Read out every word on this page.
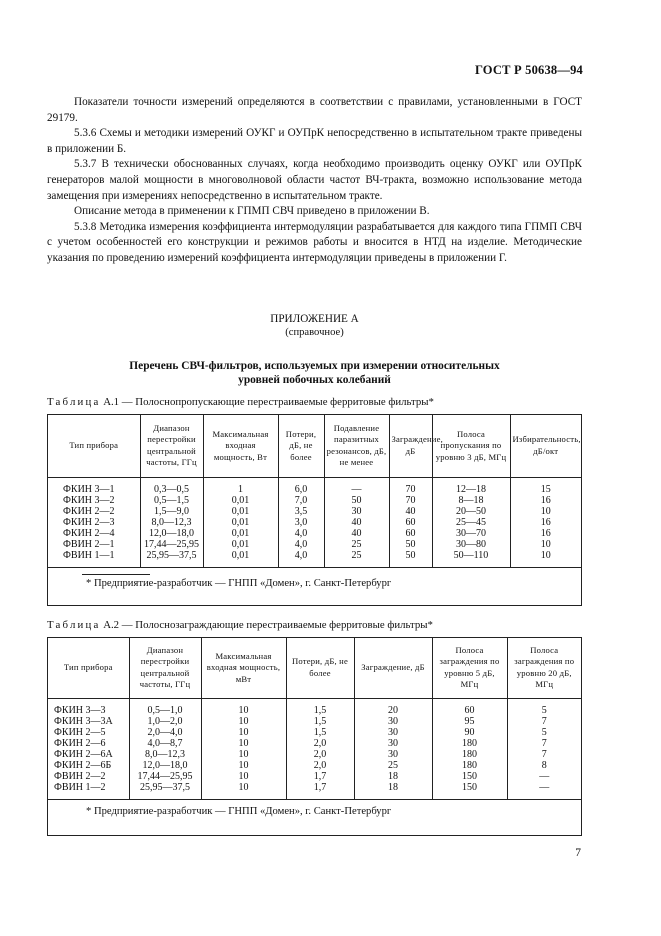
ГОСТ Р 50638—94

Показатели точности измерений определяются в соответствии с правилами, установленными в ГОСТ 29179.

5.3.6 Схемы и методики измерений ОУКГ и ОУПрК непосредственно в испытательном тракте приведены в приложении Б.

5.3.7 В технически обоснованных случаях, когда необходимо производить оценку ОУКГ или ОУПрК генераторов малой мощности в многоволновой области частот ВЧ-тракта, возможно использование метода замещения при измерениях непосредственно в испытательном тракте.

Описание метода в применении к ГПМП СВЧ приведено в приложении В.

5.3.8 Методика измерения коэффициента интермодуляции разрабатывается для каждого типа ГПМП СВЧ с учетом особенностей его конструкции и режимов работы и вносится в НТД на изделие. Методические указания по проведению измерений коэффициента интермодуляции приведены в приложении Г.

ПРИЛОЖЕНИЕ А
(справочное)
Перечень СВЧ-фильтров, используемых при измерении относительных
уровней побочных колебаний
Таблица А.1 — Полоснопропускающие перестраиваемые ферритовые фильтры*
Тип прибора	Диапазон перестройки центральной частоты, ГГц	Максимальная входная мощность, Вт	Потери, дБ, не более	Подавление паразитных резонансов, дБ, не менее	Заграждение, дБ	Полоса пропускания по уровню 3 дБ, МГц	Избирательность, дБ/окт
ФКИН 3—1	0,3—0,5	1	6,0	—	70	12—18	15
ФКИН 3—2	0,5—1,5	0,01	7,0	50	70	8—18	16
ФКИН 2—2	1,5—9,0	0,01	3,5	30	40	20—50	10
ФКИН 2—3	8,0—12,3	0,01	3,0	40	60	25—45	16
ФКИН 2—4	12,0—18,0	0,01	4,0	40	60	30—70	16
ФВИН 2—1	17,44—25,95	0,01	4,0	25	50	30—80	10
ФВИН 1—1	25,95—37,5	0,01	4,0	25	50	50—110	10
* Предприятие-разработчик — ГНПП «Домен», г. Санкт-Петербург
Таблица А.2 — Полоснозаграждающие перестраиваемые ферритовые фильтры*
Тип прибора	Диапазон перестройки центральной частоты, ГГц	Максимальная входная мощность, мВт	Потери, дБ, не более	Заграждение, дБ	Полоса заграждения по уровню 5 дБ, МГц	Полоса заграждения по уровню 20 дБ, МГц
ФКИН 3—3	0,5—1,0	10	1,5	20	60	5
ФКИН 3—3А	1,0—2,0	10	1,5	30	95	7
ФКИН 2—5	2,0—4,0	10	1,5	30	90	5
ФКИН 2—6	4,0—8,7	10	2,0	30	180	7
ФКИН 2—6А	8,0—12,3	10	2,0	30	180	7
ФКИН 2—6Б	12,0—18,0	10	2,0	25	180	8
ФВИН 2—2	17,44—25,95	10	1,7	18	150	—
ФВИН 1—2	25,95—37,5	10	1,7	18	150	—
* Предприятие-разработчик — ГНПП «Домен», г. Санкт-Петербург
7
